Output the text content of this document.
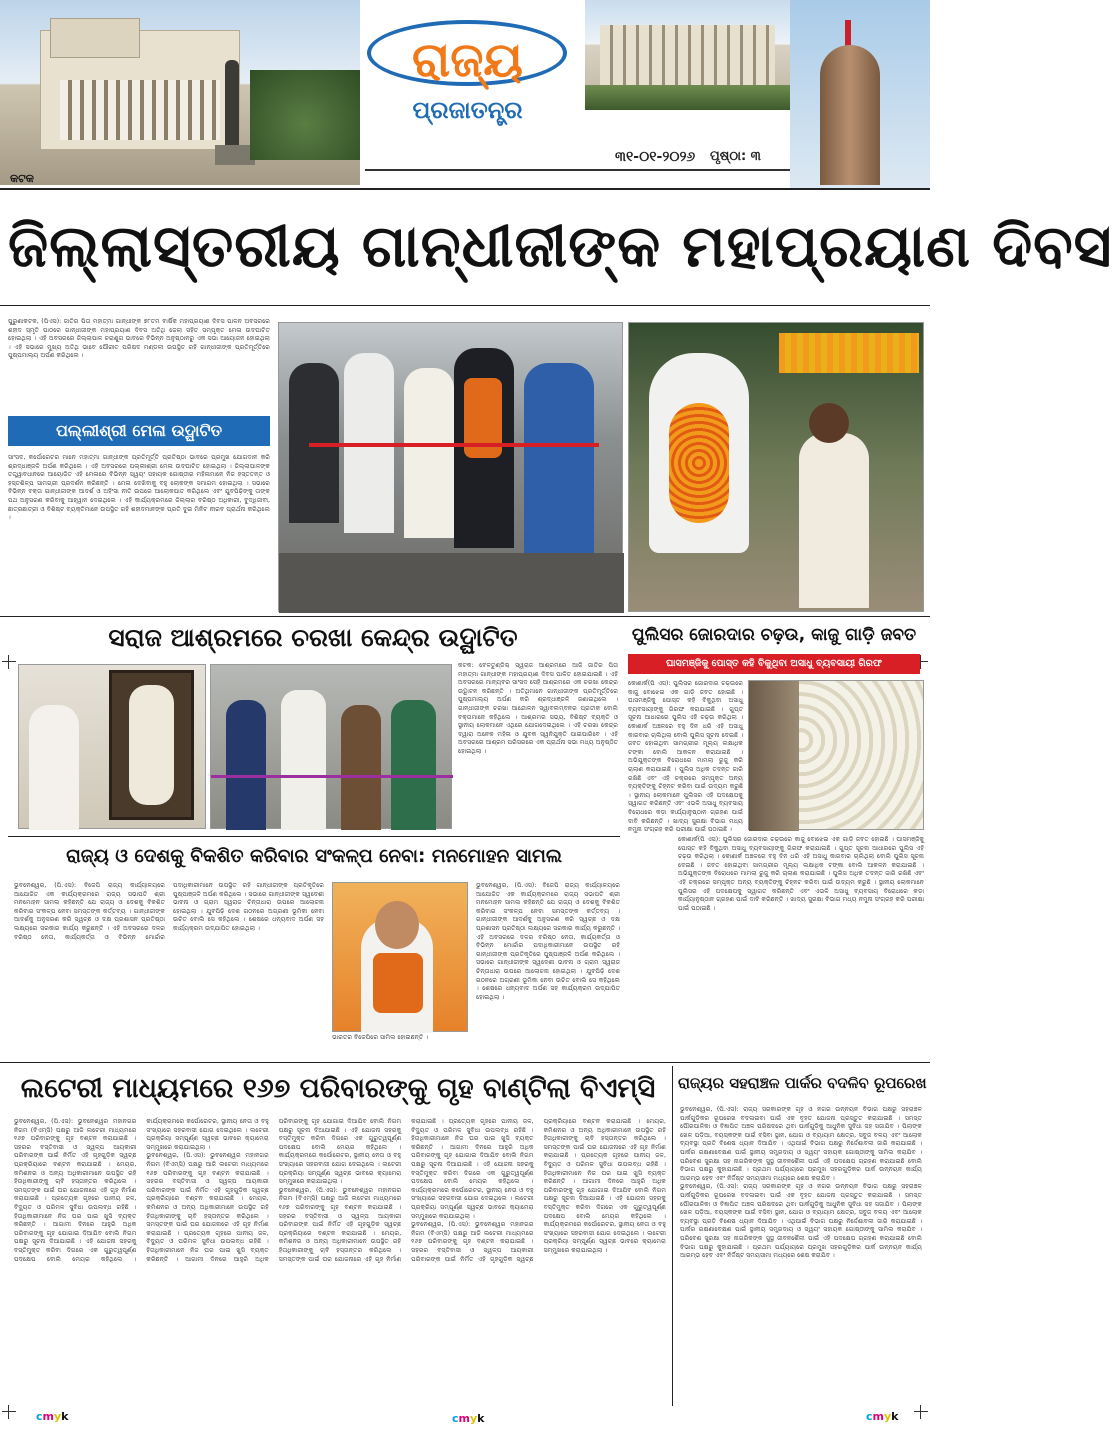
ରାଜ୍ୟ
ପ୍ରଜାତନ୍ତ୍ର
୩୧-୦୧-୨୦୨୬ ପୃଷ୍ଠା: ୩
କଟକ
ଜିଲ୍ଲାସ୍ତରୀୟ ଗାନ୍ଧୀଜୀଙ୍କ ମହାପ୍ରୟାଣ ଦିବସ

ପୁରୁଣାକଟକ, (ପିଏସ): ଜାତିର ପିତା ମହାତ୍ମା ଗାନ୍ଧୀଙ୍କ ୭୮ତମ ବାର୍ଷିକ ମହାପ୍ରୟାଣ ଦିବସ ପାଳନ ଅବସରରେ ଶହୀଦ ସ୍ମୃତି ପାଠରେ ଗାନ୍ଧୀଜୀଙ୍କ ମହାପ୍ରୟାଣ ଦିବସ ଅତିଥି ଜେଲା ସହିତ ସମ୍ପୃକ୍ତ ମେଳା ଉଦଘାଟିତ ହୋଇଥିଲା । ଏହି ଅବସରରେ ଜିଲ୍ଲାପାଳ ଚରାଣୁଗ ଭାବରେ ବିଭିନ୍ନ ଅନୁଷ୍ଠାନରୁ ଏକ ସଭା ଆୟୋଜନ ହୋଇଥିଲା । ଏହି ସଭାରେ ମୁଖ୍ୟ ଅତିଥି ଭାବେ ପୌରୀତ ପରିଷଦ ମଣ୍ଡଳୀ ଉପସ୍ଥିତ ରହି ଗାନ୍ଧୀଜୀଙ୍କ ପ୍ରତିମୂର୍ତ୍ତିରେ ପୁଷ୍ପମାଲ୍ୟ ଅର୍ପଣ କରିଥିଲେ ।

ପଲ୍ଲୀଶ୍ରୀ ମେଳା ଉଦ୍ଘାଟିତ

ସାଂସଦ, କର୍ପୋରେଟର ମାନେ ମହାତ୍ମା ଗାନ୍ଧୀଙ୍କ ପ୍ରତିମୂର୍ତ୍ତି ପ୍ରତିଷ୍ଠା ଭାବରେ ପ୍ରମୁଖ ଯୋଗଦାନ କରି ଶ୍ରଦ୍ଧାଞ୍ଜଳି ଅର୍ପଣ କରିଥିଲେ । ଏହି ଅବସରରେ ପଲ୍ଲୀଶ୍ରୀ ମେଳା ଉଦଘାଟିତ ହୋଇଥିଲା । ଜିଲ୍ଲାପାଳଙ୍କ ତତ୍ତ୍ୱାବଧାନରେ ଆୟୋଜିତ ଏହି ମେଳାରେ ବିଭିନ୍ନ ସ୍ୱୟଂ ସହାୟକ ଗୋଷ୍ଠୀର ମହିଳାମାନେ ନିଜ ହସ୍ତତନ୍ତ ଓ ହସ୍ତଶିଳ୍ପ ସାମଗ୍ରୀ ପ୍ରଦର୍ଶନ କରିଛନ୍ତି । ମେଳା ଦେଖିବାକୁ ବହୁ ଲୋକଙ୍କ ସମାଗମ ହୋଇଥିଲା । ସଭାରେ ବିଭିନ୍ନ ବକ୍ତା ଗାନ୍ଧୀଜୀଙ୍କ ଆଦର୍ଶ ଓ ଅହିଂସା ନୀତି ଉପରେ ଆଲୋକପାତ କରିଥିଲେ ଏବଂ ଯୁବପିଢ଼ିଙ୍କୁ ତାଙ୍କ ପଥ ଅନୁସରଣ କରିବାକୁ ଆହ୍ୱାନ ଦେଇଥିଲେ । ଏହି କାର୍ଯ୍ୟକ୍ରମରେ ଜିଲ୍ଲାର ବରିଷ୍ଠ ଅଧିକାରୀ, ବୁଦ୍ଧିଜୀବୀ, ଛାତ୍ରଛାତ୍ରୀ ଓ ବିଶିଷ୍ଟ ବ୍ୟକ୍ତିମାନେ ଉପସ୍ଥିତ ରହି ଶହୀଦମାନଙ୍କ ପ୍ରତି ଦୁଇ ମିନିଟ ନୀରବ ପ୍ରାର୍ଥନା କରିଥିଲେ ।

ସରାଜ ଆଶ୍ରମରେ ଚରଖା କେନ୍ଦ୍ର ଉଦ୍ଘାଟିତ

କଟକ: ବେଳତୁଣ୍ଡିଶ୍ଚ ସ୍ୱରାଜ ଆଶ୍ରମରେ ଆଜି ଜାତିର ପିତା ମହାତ୍ମା ଗାନ୍ଧୀଙ୍କ ମହାପ୍ରୟାଣ ଦିବସ ପାଳିତ ହୋଇଯାଇଛି । ଏହି ଅବସରରେ ମାନ୍ୟବର ସାଂସଦ ସେହି ଆଶ୍ରମରେ ଏକ ଚରଖା କେନ୍ଦ୍ର ଉଦ୍ଘାଟନ କରିଛନ୍ତି । ଅତିଥିମାନେ ଗାନ୍ଧୀଜୀଙ୍କ ପ୍ରତିମୂର୍ତ୍ତିରେ ପୁଷ୍ପମାଲ୍ୟ ଅର୍ପଣ କରି ଶ୍ରଦ୍ଧାଞ୍ଜଳି ଜଣାଇଥିଲେ । ଗାନ୍ଧୀଜୀଙ୍କ ଚରଖା ଆନ୍ଦୋଳନ ସ୍ୱାବଲମ୍ବନର ପ୍ରତୀକ ବୋଲି ବକ୍ତାମାନେ କହିଥିଲେ । ଆଶ୍ରମର ସଭ୍ୟ, ବିଶିଷ୍ଟ ବ୍ୟକ୍ତି ଓ ସ୍ଥାନୀୟ ଲୋକମାନେ ଏଥିରେ ଯୋଗଦେଇଥିଲେ । ଏହି ଚରଖା କେନ୍ଦ୍ର ଦ୍ୱାରା ଅନେକ ମହିଳା ଓ ଯୁବକ ସ୍ୱନିଯୁକ୍ତି ପାଇପାରିବେ । ଏହି ଅବସରରେ ଆଶ୍ରମ ପରିସରରେ ଏକ ପ୍ରାର୍ଥନା ସଭା ମଧ୍ୟ ଅନୁଷ୍ଠିତ ହୋଇଥିଲା ।

ପୁଲିସର ଜୋରଦାର ଚଢ଼ଉ, କାଜୁ ଗାଡ଼ି ଜବତ
ଘାସମଞ୍ଜିକୁ ପୋସ୍ତ କହି ବିକୁଥିବା ଅସାଧୁ ବ୍ୟବସାୟୀ ଗିରଫ

କୋଣାର୍କ(ପି ଏସ): ପୁଲିସର ଜୋରଦାର ଚଢ଼ଉରେ କାଜୁ ବୋଝେଇ ଏକ ଗାଡ଼ି ଜବତ ହୋଇଛି । ଘାସମଞ୍ଜିକୁ ପୋସ୍ତ କହି ବିକୁଥିବା ଅସାଧୁ ବ୍ୟବସାୟୀଙ୍କୁ ଗିରଫ କରାଯାଇଛି । ଗୁପ୍ତ ସୂଚନା ଆଧାରରେ ପୁଲିସ ଏହି ଚଢ଼ଉ କରିଥିଲା । କୋଣାର୍କ ଅଞ୍ଚଳରେ ବହୁ ଦିନ ଧରି ଏହି ଅସାଧୁ କାରବାର ଚାଲିଥିଲା ବୋଲି ପୁଲିସ ସୂଚନା ଦେଇଛି । ଜବତ ହୋଇଥିବା ସାମଗ୍ରୀର ମୂଲ୍ୟ ଲକ୍ଷାଧିକ ଟଙ୍କା ବୋଲି ଆକଳନ କରାଯାଇଛି । ଅଭିଯୁକ୍ତଙ୍କ ବିରୋଧରେ ମାମଲା ରୁଜୁ କରି ଚାଲାଣ କରାଯାଇଛି । ପୁଲିସ ଅଧିକ ତଦନ୍ତ ଜାରି ରଖିଛି ଏବଂ ଏହି ଚକ୍ରରେ ସମ୍ପୃକ୍ତ ଅନ୍ୟ ବ୍ୟକ୍ତିଙ୍କୁ ଚିହ୍ନଟ କରିବା ପାଇଁ ଉଦ୍ୟମ କରୁଛି । ସ୍ଥାନୀୟ ଲୋକମାନେ ପୁଲିସର ଏହି ପଦକ୍ଷେପକୁ ସ୍ୱାଗତ କରିଛନ୍ତି ଏବଂ ଏଭଳି ଅସାଧୁ ବ୍ୟବସାୟ ବିରୋଧରେ କଡ଼ା କାର୍ଯ୍ୟାନୁଷ୍ଠାନ ଗ୍ରହଣ ପାଇଁ ଦାବି କରିଛନ୍ତି । ଖାଦ୍ୟ ସୁରକ୍ଷା ବିଭାଗ ମଧ୍ୟ ନମୁନା ସଂଗ୍ରହ କରି ପରୀକ୍ଷା ପାଇଁ ପଠାଇଛି ।

କୋଣାର୍କ(ପି ଏସ): ପୁଲିସର ଜୋରଦାର ଚଢ଼ଉରେ କାଜୁ ବୋଝେଇ ଏକ ଗାଡ଼ି ଜବତ ହୋଇଛି । ଘାସମଞ୍ଜିକୁ ପୋସ୍ତ କହି ବିକୁଥିବା ଅସାଧୁ ବ୍ୟବସାୟୀଙ୍କୁ ଗିରଫ କରାଯାଇଛି । ଗୁପ୍ତ ସୂଚନା ଆଧାରରେ ପୁଲିସ ଏହି ଚଢ଼ଉ କରିଥିଲା । କୋଣାର୍କ ଅଞ୍ଚଳରେ ବହୁ ଦିନ ଧରି ଏହି ଅସାଧୁ କାରବାର ଚାଲିଥିଲା ବୋଲି ପୁଲିସ ସୂଚନା ଦେଇଛି । ଜବତ ହୋଇଥିବା ସାମଗ୍ରୀର ମୂଲ୍ୟ ଲକ୍ଷାଧିକ ଟଙ୍କା ବୋଲି ଆକଳନ କରାଯାଇଛି । ଅଭିଯୁକ୍ତଙ୍କ ବିରୋଧରେ ମାମଲା ରୁଜୁ କରି ଚାଲାଣ କରାଯାଇଛି । ପୁଲିସ ଅଧିକ ତଦନ୍ତ ଜାରି ରଖିଛି ଏବଂ ଏହି ଚକ୍ରରେ ସମ୍ପୃକ୍ତ ଅନ୍ୟ ବ୍ୟକ୍ତିଙ୍କୁ ଚିହ୍ନଟ କରିବା ପାଇଁ ଉଦ୍ୟମ କରୁଛି । ସ୍ଥାନୀୟ ଲୋକମାନେ ପୁଲିସର ଏହି ପଦକ୍ଷେପକୁ ସ୍ୱାଗତ କରିଛନ୍ତି ଏବଂ ଏଭଳି ଅସାଧୁ ବ୍ୟବସାୟ ବିରୋଧରେ କଡ଼ା କାର୍ଯ୍ୟାନୁଷ୍ଠାନ ଗ୍ରହଣ ପାଇଁ ଦାବି କରିଛନ୍ତି । ଖାଦ୍ୟ ସୁରକ୍ଷା ବିଭାଗ ମଧ୍ୟ ନମୁନା ସଂଗ୍ରହ କରି ପରୀକ୍ଷା ପାଇଁ ପଠାଇଛି ।

ରାଜ୍ୟ ଓ ଦେଶକୁ ବିକଶିତ କରିବାର ସଂକଳ୍ପ ନେବା: ମନମୋହନ ସାମଲ

ଭୁବନେଶ୍ୱର, (ପି.ଏସ): ବିଜେପି ରାଜ୍ୟ କାର୍ଯ୍ୟାଳୟରେ ଆଯୋଜିତ ଏକ କାର୍ଯ୍ୟକ୍ରମରେ ରାଜ୍ୟ ସଭାପତି ଶ୍ରୀ ମନମୋହନ ସାମଲ କହିଛନ୍ତି ଯେ ରାଜ୍ୟ ଓ ଦେଶକୁ ବିକଶିତ କରିବାର ସଂକଳ୍ପ ନେବା ସମସ୍ତଙ୍କ କର୍ତ୍ତବ୍ୟ । ଗାନ୍ଧୀଜୀଙ୍କ ଆଦର୍ଶକୁ ଅନୁସରଣ କରି ସ୍ୱଚ୍ଛ ଓ ଦକ୍ଷ ପ୍ରଶାସନ ପ୍ରତିଷ୍ଠା ଲକ୍ଷ୍ୟରେ ସରକାର କାର୍ଯ୍ୟ କରୁଛନ୍ତି । ଏହି ଅବସରରେ ଦଳର ବରିଷ୍ଠ ନେତା, କାର୍ଯ୍ୟକର୍ତ୍ତା ଓ ବିଭିନ୍ନ ମୋର୍ଚ୍ଚାର ପଦାଧିକାରୀମାନେ ଉପସ୍ଥିତ ରହି ଗାନ୍ଧୀଜୀଙ୍କ ପ୍ରତିକୃତିରେ ପୁଷ୍ପାଞ୍ଜଳି ଅର୍ପଣ କରିଥିଲେ । ସଭାରେ ଗାନ୍ଧୀଜୀଙ୍କ ସ୍ୱଦେଶୀ ଭାବନା ଓ ଗ୍ରାମ ସ୍ୱରାଜ ଚିନ୍ତାଧାରା ଉପରେ ଆଲୋଚନା ହୋଇଥିଲା । ଯୁବପିଢ଼ି ଦେଶ ଗଠନରେ ଅଗ୍ରଣୀ ଭୂମିକା ନେବା ଉଚିତ ବୋଲି ସେ କହିଥିଲେ । ଶେଷରେ ଧନ୍ୟବାଦ ଅର୍ପଣ ସହ କାର୍ଯ୍ୟକ୍ରମ ଉଦ୍ଯାପିତ ହୋଇଥିଲା ।

ଭାରତର ବିଜେପିରେ ସାମିଲ ହୋଇଛନ୍ତି ।

ଭୁବନେଶ୍ୱର, (ପି.ଏସ): ବିଜେପି ରାଜ୍ୟ କାର୍ଯ୍ୟାଳୟରେ ଆଯୋଜିତ ଏକ କାର୍ଯ୍ୟକ୍ରମରେ ରାଜ୍ୟ ସଭାପତି ଶ୍ରୀ ମନମୋହନ ସାମଲ କହିଛନ୍ତି ଯେ ରାଜ୍ୟ ଓ ଦେଶକୁ ବିକଶିତ କରିବାର ସଂକଳ୍ପ ନେବା ସମସ୍ତଙ୍କ କର୍ତ୍ତବ୍ୟ । ଗାନ୍ଧୀଜୀଙ୍କ ଆଦର୍ଶକୁ ଅନୁସରଣ କରି ସ୍ୱଚ୍ଛ ଓ ଦକ୍ଷ ପ୍ରଶାସନ ପ୍ରତିଷ୍ଠା ଲକ୍ଷ୍ୟରେ ସରକାର କାର୍ଯ୍ୟ କରୁଛନ୍ତି । ଏହି ଅବସରରେ ଦଳର ବରିଷ୍ଠ ନେତା, କାର୍ଯ୍ୟକର୍ତ୍ତା ଓ ବିଭିନ୍ନ ମୋର୍ଚ୍ଚାର ପଦାଧିକାରୀମାନେ ଉପସ୍ଥିତ ରହି ଗାନ୍ଧୀଜୀଙ୍କ ପ୍ରତିକୃତିରେ ପୁଷ୍ପାଞ୍ଜଳି ଅର୍ପଣ କରିଥିଲେ । ସଭାରେ ଗାନ୍ଧୀଜୀଙ୍କ ସ୍ୱଦେଶୀ ଭାବନା ଓ ଗ୍ରାମ ସ୍ୱରାଜ ଚିନ୍ତାଧାରା ଉପରେ ଆଲୋଚନା ହୋଇଥିଲା । ଯୁବପିଢ଼ି ଦେଶ ଗଠନରେ ଅଗ୍ରଣୀ ଭୂମିକା ନେବା ଉଚିତ ବୋଲି ସେ କହିଥିଲେ । ଶେଷରେ ଧନ୍ୟବାଦ ଅର୍ପଣ ସହ କାର୍ଯ୍ୟକ୍ରମ ଉଦ୍ଯାପିତ ହୋଇଥିଲା ।

ଲଟେରୀ ମାଧ୍ୟମରେ ୧୬୭ ପରିବାରଙ୍କୁ ଗୃହ ବାଣ୍ଟିଲା ବିଏମ୍‌ସି

ଭୁବନେଶ୍ୱର, (ପି.ଏସ): ଭୁବନେଶ୍ୱର ମହାନଗର ନିଗମ (ବିଏମ୍‌ସି) ପକ୍ଷରୁ ଆଜି ଲଟେରୀ ମାଧ୍ୟମରେ ୧୬୭ ପରିବାରଙ୍କୁ ଗୃହ ବଣ୍ଟନ କରାଯାଇଛି । ସହରର ବସ୍ତିବାସୀ ଓ ସ୍ୱଳ୍ପ ଆୟକାରୀ ପରିବାରଙ୍କ ପାଇଁ ନିର୍ମିତ ଏହି ଗୃହଗୁଡ଼ିକ ସ୍ୱଚ୍ଛ ପ୍ରକ୍ରିୟାରେ ବଣ୍ଟନ କରାଯାଇଛି । ମେୟର, କମିଶନର ଓ ଅନ୍ୟ ଅଧିକାରୀମାନେ ଉପସ୍ଥିତ ରହି ହିତାଧିକାରୀଙ୍କୁ ଚାବି ହସ୍ତାନ୍ତର କରିଥିଲେ । ସମସ୍ତଙ୍କ ପାଇଁ ଘର ଯୋଜନାରେ ଏହି ଗୃହ ନିର୍ମାଣ କରାଯାଇଛି । ପ୍ରତ୍ୟେକ ଗୃହରେ ପାନୀୟ ଜଳ, ବିଦ୍ୟୁତ ଓ ପରିମଳ ସୁବିଧା ଉପଲବ୍ଧ ରହିଛି । ହିତାଧିକାରୀମାନେ ନିଜ ଘର ପାଇ ଖୁସି ବ୍ୟକ୍ତ କରିଛନ୍ତି । ଆଗାମୀ ଦିନରେ ଆହୁରି ଅଧିକ ପରିବାରଙ୍କୁ ଗୃହ ଯୋଗାଇ ଦିଆଯିବ ବୋଲି ନିଗମ ପକ୍ଷରୁ ସୂଚନା ଦିଆଯାଇଛି । ଏହି ଯୋଜନା ସହରକୁ ବସ୍ତିମୁକ୍ତ କରିବା ଦିଗରେ ଏକ ଗୁରୁତ୍ୱପୂର୍ଣ୍ଣ ପଦକ୍ଷେପ ବୋଲି ମେୟର କହିଥିଲେ । କାର୍ଯ୍ୟକ୍ରମରେ କର୍ପୋରେଟର, ସ୍ଥାନୀୟ ନେତା ଓ ବହୁ ସଂଖ୍ୟାରେ ସହରବାସୀ ଯୋଗ ଦେଇଥିଲେ । ଲଟେରୀ ପ୍ରକ୍ରିୟା ସମ୍ପୂର୍ଣ୍ଣ ସ୍ୱଚ୍ଛ ଭାବରେ କ୍ୟାମେରା ସମ୍ମୁଖରେ କରାଯାଇଥିଲା ।

ଭୁବନେଶ୍ୱର, (ପି.ଏସ): ଭୁବନେଶ୍ୱର ମହାନଗର ନିଗମ (ବିଏମ୍‌ସି) ପକ୍ଷରୁ ଆଜି ଲଟେରୀ ମାଧ୍ୟମରେ ୧୬୭ ପରିବାରଙ୍କୁ ଗୃହ ବଣ୍ଟନ କରାଯାଇଛି । ସହରର ବସ୍ତିବାସୀ ଓ ସ୍ୱଳ୍ପ ଆୟକାରୀ ପରିବାରଙ୍କ ପାଇଁ ନିର୍ମିତ ଏହି ଗୃହଗୁଡ଼ିକ ସ୍ୱଚ୍ଛ ପ୍ରକ୍ରିୟାରେ ବଣ୍ଟନ କରାଯାଇଛି । ମେୟର, କମିଶନର ଓ ଅନ୍ୟ ଅଧିକାରୀମାନେ ଉପସ୍ଥିତ ରହି ହିତାଧିକାରୀଙ୍କୁ ଚାବି ହସ୍ତାନ୍ତର କରିଥିଲେ । ସମସ୍ତଙ୍କ ପାଇଁ ଘର ଯୋଜନାରେ ଏହି ଗୃହ ନିର୍ମାଣ କରାଯାଇଛି । ପ୍ରତ୍ୟେକ ଗୃହରେ ପାନୀୟ ଜଳ, ବିଦ୍ୟୁତ ଓ ପରିମଳ ସୁବିଧା ଉପଲବ୍ଧ ରହିଛି । ହିତାଧିକାରୀମାନେ ନିଜ ଘର ପାଇ ଖୁସି ବ୍ୟକ୍ତ କରିଛନ୍ତି । ଆଗାମୀ ଦିନରେ ଆହୁରି ଅଧିକ ପରିବାରଙ୍କୁ ଗୃହ ଯୋଗାଇ ଦିଆଯିବ ବୋଲି ନିଗମ ପକ୍ଷରୁ ସୂଚନା ଦିଆଯାଇଛି । ଏହି ଯୋଜନା ସହରକୁ ବସ୍ତିମୁକ୍ତ କରିବା ଦିଗରେ ଏକ ଗୁରୁତ୍ୱପୂର୍ଣ୍ଣ ପଦକ୍ଷେପ ବୋଲି ମେୟର କହିଥିଲେ । କାର୍ଯ୍ୟକ୍ରମରେ କର୍ପୋରେଟର, ସ୍ଥାନୀୟ ନେତା ଓ ବହୁ ସଂଖ୍ୟାରେ ସହରବାସୀ ଯୋଗ ଦେଇଥିଲେ । ଲଟେରୀ ପ୍ରକ୍ରିୟା ସମ୍ପୂର୍ଣ୍ଣ ସ୍ୱଚ୍ଛ ଭାବରେ କ୍ୟାମେରା ସମ୍ମୁଖରେ କରାଯାଇଥିଲା ।

ଭୁବନେଶ୍ୱର, (ପି.ଏସ): ଭୁବନେଶ୍ୱର ମହାନଗର ନିଗମ (ବିଏମ୍‌ସି) ପକ୍ଷରୁ ଆଜି ଲଟେରୀ ମାଧ୍ୟମରେ ୧୬୭ ପରିବାରଙ୍କୁ ଗୃହ ବଣ୍ଟନ କରାଯାଇଛି । ସହରର ବସ୍ତିବାସୀ ଓ ସ୍ୱଳ୍ପ ଆୟକାରୀ ପରିବାରଙ୍କ ପାଇଁ ନିର୍ମିତ ଏହି ଗୃହଗୁଡ଼ିକ ସ୍ୱଚ୍ଛ ପ୍ରକ୍ରିୟାରେ ବଣ୍ଟନ କରାଯାଇଛି । ମେୟର, କମିଶନର ଓ ଅନ୍ୟ ଅଧିକାରୀମାନେ ଉପସ୍ଥିତ ରହି ହିତାଧିକାରୀଙ୍କୁ ଚାବି ହସ୍ତାନ୍ତର କରିଥିଲେ । ସମସ୍ତଙ୍କ ପାଇଁ ଘର ଯୋଜନାରେ ଏହି ଗୃହ ନିର୍ମାଣ କରାଯାଇଛି । ପ୍ରତ୍ୟେକ ଗୃହରେ ପାନୀୟ ଜଳ, ବିଦ୍ୟୁତ ଓ ପରିମଳ ସୁବିଧା ଉପଲବ୍ଧ ରହିଛି । ହିତାଧିକାରୀମାନେ ନିଜ ଘର ପାଇ ଖୁସି ବ୍ୟକ୍ତ କରିଛନ୍ତି । ଆଗାମୀ ଦିନରେ ଆହୁରି ଅଧିକ ପରିବାରଙ୍କୁ ଗୃହ ଯୋଗାଇ ଦିଆଯିବ ବୋଲି ନିଗମ ପକ୍ଷରୁ ସୂଚନା ଦିଆଯାଇଛି । ଏହି ଯୋଜନା ସହରକୁ ବସ୍ତିମୁକ୍ତ କରିବା ଦିଗରେ ଏକ ଗୁରୁତ୍ୱପୂର୍ଣ୍ଣ ପଦକ୍ଷେପ ବୋଲି ମେୟର କହିଥିଲେ । କାର୍ଯ୍ୟକ୍ରମରେ କର୍ପୋରେଟର, ସ୍ଥାନୀୟ ନେତା ଓ ବହୁ ସଂଖ୍ୟାରେ ସହରବାସୀ ଯୋଗ ଦେଇଥିଲେ । ଲଟେରୀ ପ୍ରକ୍ରିୟା ସମ୍ପୂର୍ଣ୍ଣ ସ୍ୱଚ୍ଛ ଭାବରେ କ୍ୟାମେରା ସମ୍ମୁଖରେ କରାଯାଇଥିଲା ।

ଭୁବନେଶ୍ୱର, (ପି.ଏସ): ଭୁବନେଶ୍ୱର ମହାନଗର ନିଗମ (ବିଏମ୍‌ସି) ପକ୍ଷରୁ ଆଜି ଲଟେରୀ ମାଧ୍ୟମରେ ୧୬୭ ପରିବାରଙ୍କୁ ଗୃହ ବଣ୍ଟନ କରାଯାଇଛି । ସହରର ବସ୍ତିବାସୀ ଓ ସ୍ୱଳ୍ପ ଆୟକାରୀ ପରିବାରଙ୍କ ପାଇଁ ନିର୍ମିତ ଏହି ଗୃହଗୁଡ଼ିକ ସ୍ୱଚ୍ଛ ପ୍ରକ୍ରିୟାରେ ବଣ୍ଟନ କରାଯାଇଛି । ମେୟର, କମିଶନର ଓ ଅନ୍ୟ ଅଧିକାରୀମାନେ ଉପସ୍ଥିତ ରହି ହିତାଧିକାରୀଙ୍କୁ ଚାବି ହସ୍ତାନ୍ତର କରିଥିଲେ । ସମସ୍ତଙ୍କ ପାଇଁ ଘର ଯୋଜନାରେ ଏହି ଗୃହ ନିର୍ମାଣ କରାଯାଇଛି । ପ୍ରତ୍ୟେକ ଗୃହରେ ପାନୀୟ ଜଳ, ବିଦ୍ୟୁତ ଓ ପରିମଳ ସୁବିଧା ଉପଲବ୍ଧ ରହିଛି । ହିତାଧିକାରୀମାନେ ନିଜ ଘର ପାଇ ଖୁସି ବ୍ୟକ୍ତ କରିଛନ୍ତି । ଆଗାମୀ ଦିନରେ ଆହୁରି ଅଧିକ ପରିବାରଙ୍କୁ ଗୃହ ଯୋଗାଇ ଦିଆଯିବ ବୋଲି ନିଗମ ପକ୍ଷରୁ ସୂଚନା ଦିଆଯାଇଛି । ଏହି ଯୋଜନା ସହରକୁ ବସ୍ତିମୁକ୍ତ କରିବା ଦିଗରେ ଏକ ଗୁରୁତ୍ୱପୂର୍ଣ୍ଣ ପଦକ୍ଷେପ ବୋଲି ମେୟର କହିଥିଲେ । କାର୍ଯ୍ୟକ୍ରମରେ କର୍ପୋରେଟର, ସ୍ଥାନୀୟ ନେତା ଓ ବହୁ ସଂଖ୍ୟାରେ ସହରବାସୀ ଯୋଗ ଦେଇଥିଲେ । ଲଟେରୀ ପ୍ରକ୍ରିୟା ସମ୍ପୂର୍ଣ୍ଣ ସ୍ୱଚ୍ଛ ଭାବରେ କ୍ୟାମେରା ସମ୍ମୁଖରେ କରାଯାଇଥିଲା ।

ରାଜ୍ୟର ସହରାଞ୍ଚଳ ପାର୍କର ବଦଳିବ ରୂପରେଖ

ଭୁବନେଶ୍ୱର, (ପି.ଏସ): ରାଜ୍ୟ ସରକାରଙ୍କ ଗୃହ ଓ ନଗର ଉନ୍ନୟନ ବିଭାଗ ପକ୍ଷରୁ ସହରାଞ୍ଚଳ ପାର୍କଗୁଡ଼ିକର ରୂପରେଖ ବଦଳାଇବା ପାଇଁ ଏକ ବୃହତ ଯୋଜନା ପ୍ରସ୍ତୁତ କରାଯାଇଛି । ସମସ୍ତ ପୌରପାଳିକା ଓ ବିଜ୍ଞାପିତ ଅଞ୍ଚଳ ପରିଷଦରେ ଥିବା ପାର୍କଗୁଡ଼ିକୁ ଆଧୁନିକ ସୁବିଧା ସହ ସଜାଯିବ । ପିଲାଙ୍କ ଖେଳ ପଡ଼ିଆ, ବୟସ୍କଙ୍କ ପାଇଁ ବସିବା ସ୍ଥାନ, ଯୋଗ ଓ ବ୍ୟାୟାମ କ୍ଷେତ୍ର, ସବୁଜ ବଳୟ ଏବଂ ଆଲୋକ ବ୍ୟବସ୍ଥା ପ୍ରତି ବିଶେଷ ଧ୍ୟାନ ଦିଆଯିବ । ଏଥିପାଇଁ ବିଭାଗ ପକ୍ଷରୁ ନିର୍ଦ୍ଦେଶାବଳୀ ଜାରି କରାଯାଇଛି । ପାର୍କର ରକ୍ଷଣାବେକ୍ଷଣ ପାଇଁ ସ୍ଥାନୀୟ ସମ୍ପ୍ରଦାୟ ଓ ସ୍ୱୟଂ ସହାୟକ ଗୋଷ୍ଠୀଙ୍କୁ ସାମିଲ କରାଯିବ । ପରିବେଶ ସୁରକ୍ଷା ସହ ନାଗରିକଙ୍କ ସୁସ୍ଥ ଜୀବନଶୈଳୀ ପାଇଁ ଏହି ପଦକ୍ଷେପ ଗ୍ରହଣ କରାଯାଇଛି ବୋଲି ବିଭାଗ ପକ୍ଷରୁ କୁହାଯାଇଛି । ପ୍ରଥମ ପର୍ଯ୍ୟାୟରେ ପ୍ରମୁଖ ସହରଗୁଡ଼ିକର ପାର୍କ ଉନ୍ନୟନ କାର୍ଯ୍ୟ ଆରମ୍ଭ ହେବ ଏବଂ ନିର୍ଦ୍ଦିଷ୍ଟ ସମୟସୀମା ମଧ୍ୟରେ ଶେଷ କରାଯିବ ।

ଭୁବନେଶ୍ୱର, (ପି.ଏସ): ରାଜ୍ୟ ସରକାରଙ୍କ ଗୃହ ଓ ନଗର ଉନ୍ନୟନ ବିଭାଗ ପକ୍ଷରୁ ସହରାଞ୍ଚଳ ପାର୍କଗୁଡ଼ିକର ରୂପରେଖ ବଦଳାଇବା ପାଇଁ ଏକ ବୃହତ ଯୋଜନା ପ୍ରସ୍ତୁତ କରାଯାଇଛି । ସମସ୍ତ ପୌରପାଳିକା ଓ ବିଜ୍ଞାପିତ ଅଞ୍ଚଳ ପରିଷଦରେ ଥିବା ପାର୍କଗୁଡ଼ିକୁ ଆଧୁନିକ ସୁବିଧା ସହ ସଜାଯିବ । ପିଲାଙ୍କ ଖେଳ ପଡ଼ିଆ, ବୟସ୍କଙ୍କ ପାଇଁ ବସିବା ସ୍ଥାନ, ଯୋଗ ଓ ବ୍ୟାୟାମ କ୍ଷେତ୍ର, ସବୁଜ ବଳୟ ଏବଂ ଆଲୋକ ବ୍ୟବସ୍ଥା ପ୍ରତି ବିଶେଷ ଧ୍ୟାନ ଦିଆଯିବ । ଏଥିପାଇଁ ବିଭାଗ ପକ୍ଷରୁ ନିର୍ଦ୍ଦେଶାବଳୀ ଜାରି କରାଯାଇଛି । ପାର୍କର ରକ୍ଷଣାବେକ୍ଷଣ ପାଇଁ ସ୍ଥାନୀୟ ସମ୍ପ୍ରଦାୟ ଓ ସ୍ୱୟଂ ସହାୟକ ଗୋଷ୍ଠୀଙ୍କୁ ସାମିଲ କରାଯିବ । ପରିବେଶ ସୁରକ୍ଷା ସହ ନାଗରିକଙ୍କ ସୁସ୍ଥ ଜୀବନଶୈଳୀ ପାଇଁ ଏହି ପଦକ୍ଷେପ ଗ୍ରହଣ କରାଯାଇଛି ବୋଲି ବିଭାଗ ପକ୍ଷରୁ କୁହାଯାଇଛି । ପ୍ରଥମ ପର୍ଯ୍ୟାୟରେ ପ୍ରମୁଖ ସହରଗୁଡ଼ିକର ପାର୍କ ଉନ୍ନୟନ କାର୍ଯ୍ୟ ଆରମ୍ଭ ହେବ ଏବଂ ନିର୍ଦ୍ଦିଷ୍ଟ ସମୟସୀମା ମଧ୍ୟରେ ଶେଷ କରାଯିବ ।

cmyk	cmyk	cmyk
